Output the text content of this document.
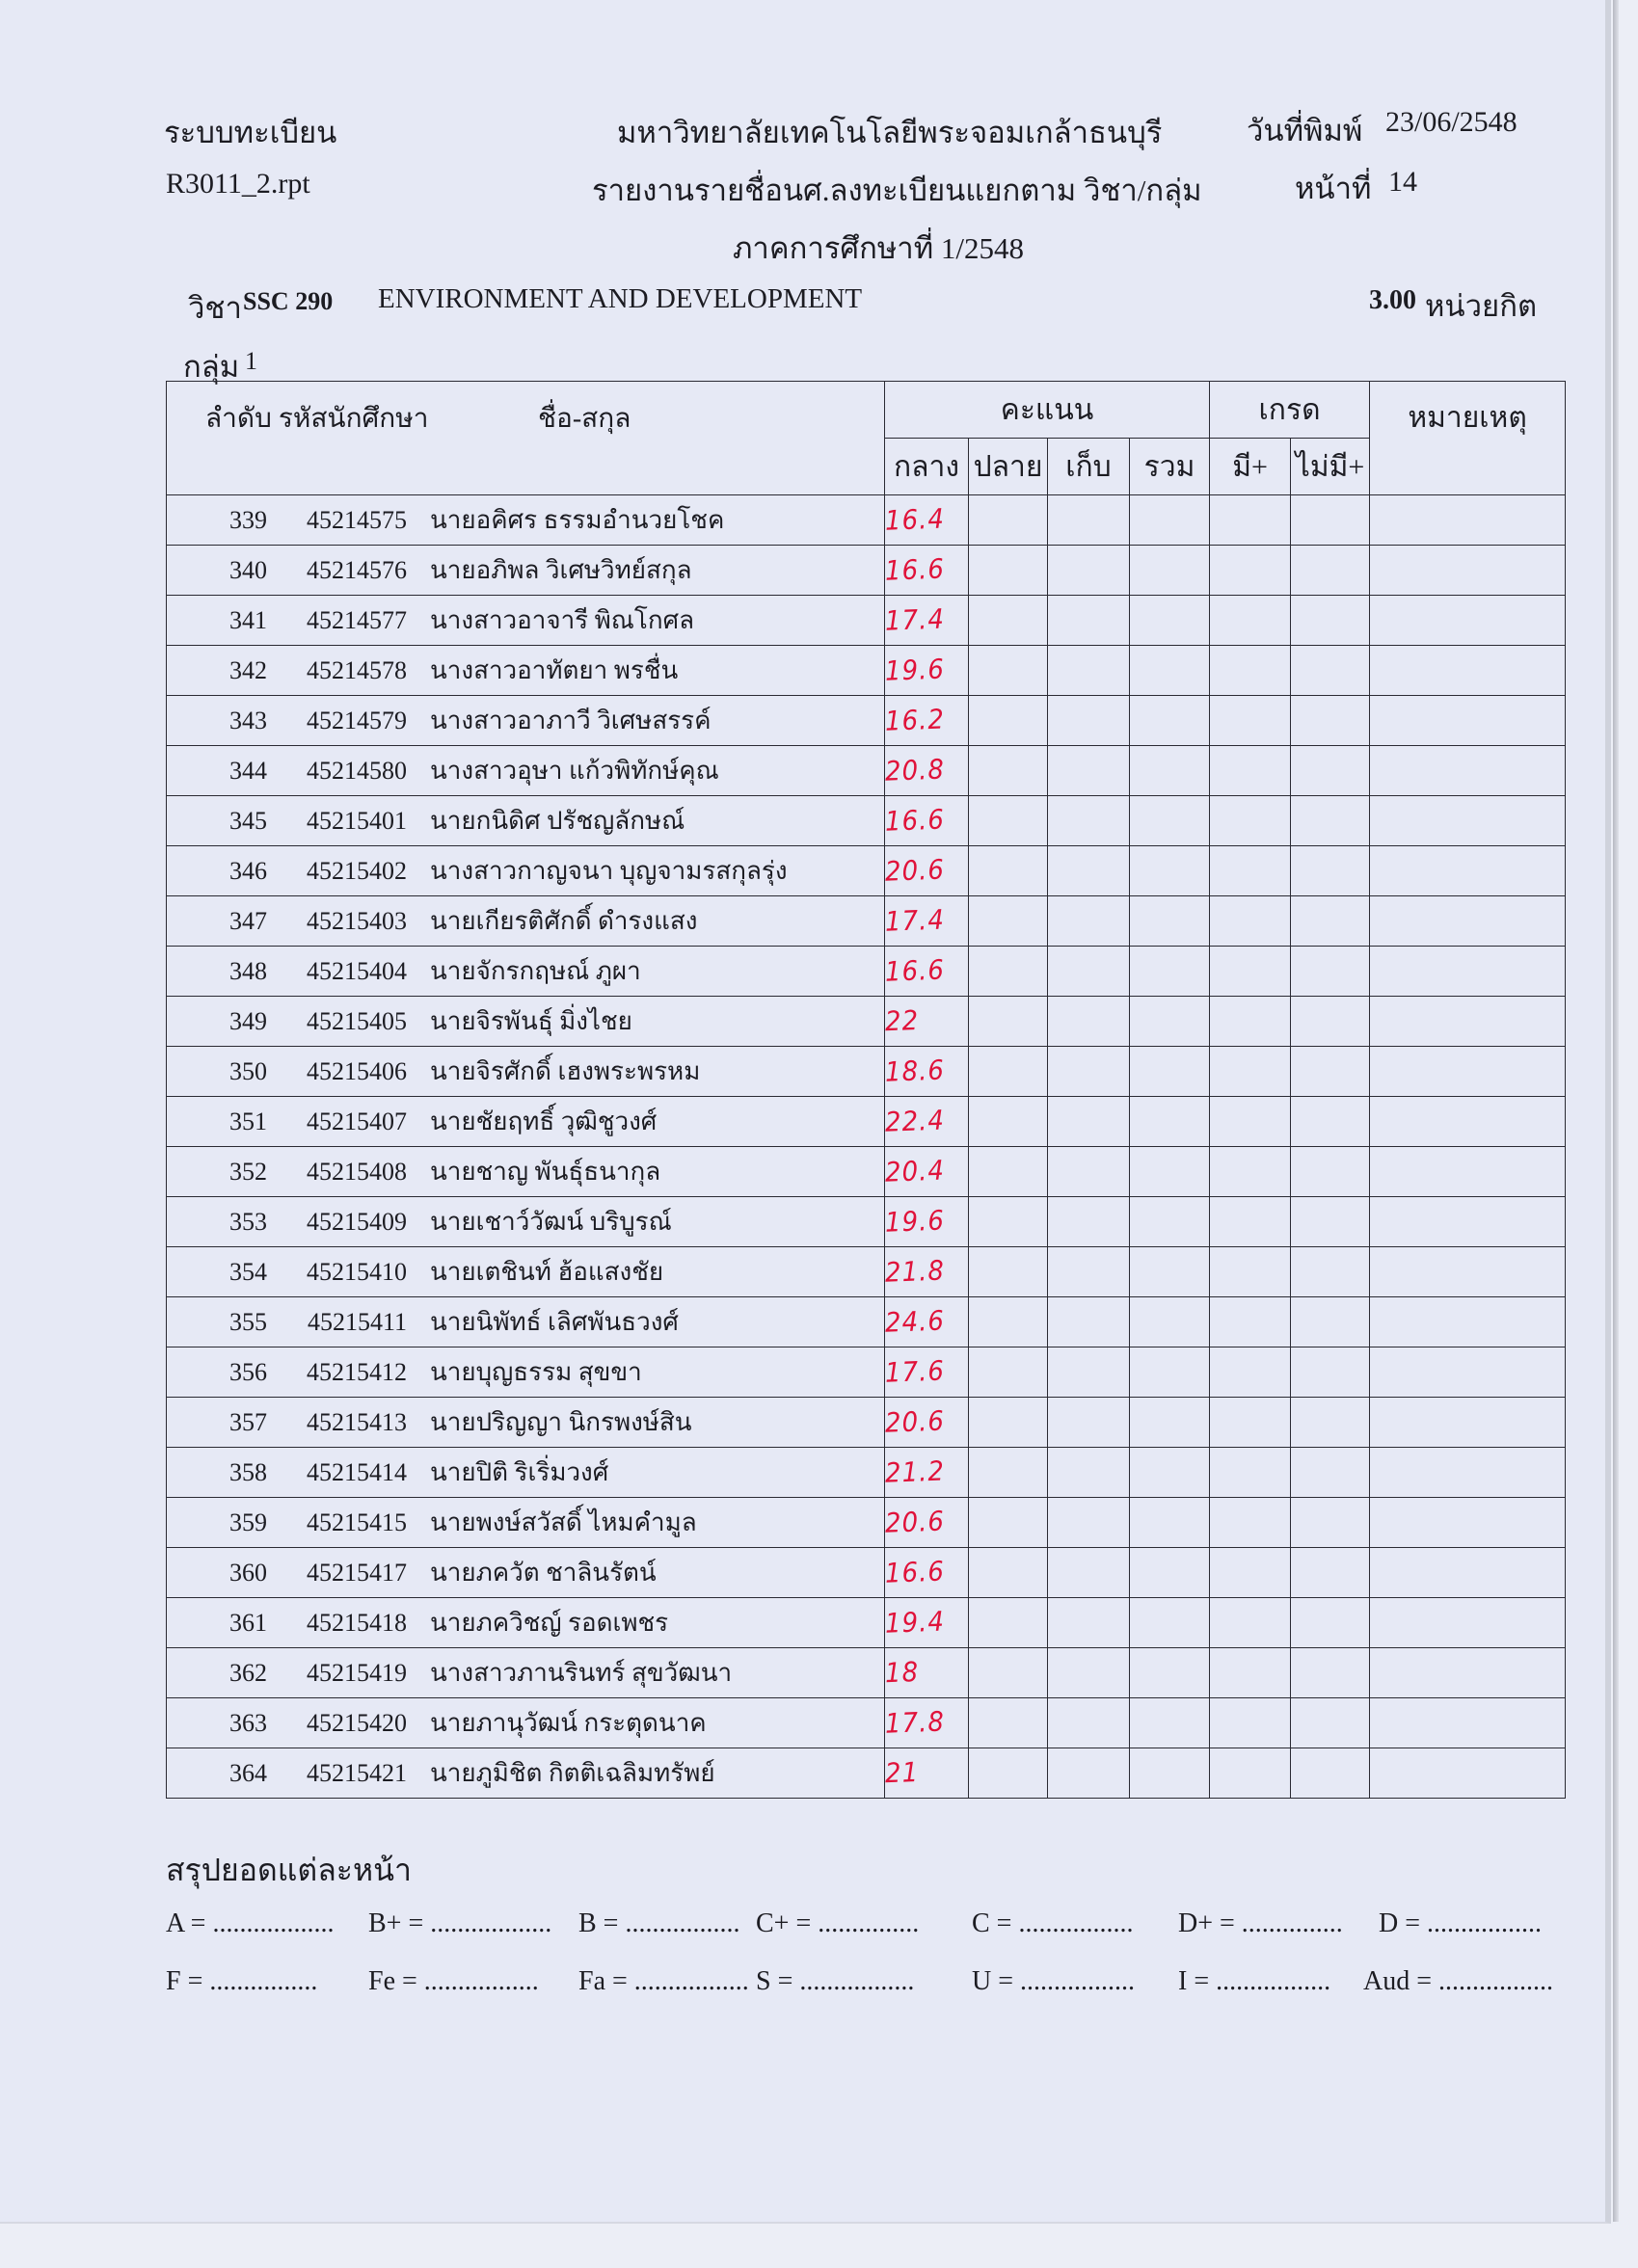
ระบบทะเบียน	มหาวิทยาลัยเทคโนโลยีพระจอมเกล้าธนบุรี	วันที่พิมพ์ 23/06/2548
R3011_2.rpt	รายงานรายชื่อนศ.ลงทะเบียนแยกตาม วิชา/กลุ่ม	หน้าที่ 14
ภาคการศึกษาที่ 1/2548
วิชา SSC 290 ENVIRONMENT AND DEVELOPMENT	3.00 หน่วยกิต
กลุ่ม 1
ลำดับ รหัสนักศึกษา ชื่อ-สกุล	คะแนน				เกรด		หมายเหตุ
	กลาง	ปลาย	เก็บ	รวม	มี+	ไม่มี+	

339 45214575 นายอคิศร ธรรมอำนวยโชค	16.4						

340 45214576 นายอภิพล วิเศษวิทย์สกุล	16.6						

341 45214577 นางสาวอาจารี พิณโกศล	17.4						

342 45214578 นางสาวอาทัตยา พรชื่น	19.6						

343 45214579 นางสาวอาภาวี วิเศษสรรค์	16.2						

344 45214580 นางสาวอุษา แก้วพิทักษ์คุณ	20.8						

345 45215401 นายกนิดิศ ปรัชญลักษณ์	16.6						

346 45215402 นางสาวกาญจนา บุญจามรสกุลรุ่ง	20.6						

347 45215403 นายเกียรติศักดิ์ ดำรงแสง	17.4						

348 45215404 นายจักรกฤษณ์ ภูผา	16.6						

349 45215405 นายจิรพันธุ์ มิ่งไชย	22						

350 45215406 นายจิรศักดิ์ เฮงพระพรหม	18.6						

351 45215407 นายชัยฤทธิ์ วุฒิชูวงศ์	22.4						

352 45215408 นายชาญ พันธุ์ธนากุล	20.4						

353 45215409 นายเชาว์วัฒน์ บริบูรณ์	19.6						

354 45215410 นายเตชินท์ ฮ้อแสงชัย	21.8						

355 45215411 นายนิพัทธ์ เลิศพันธวงศ์	24.6						

356 45215412 นายบุญธรรม สุขขา	17.6						

357 45215413 นายปริญญา นิกรพงษ์สิน	20.6						

358 45215414 นายปิติ ริเริ่มวงศ์	21.2						

359 45215415 นายพงษ์สวัสดิ์ ไหมคำมูล	20.6						

360 45215417 นายภควัต ชาลินรัตน์	16.6						

361 45215418 นายภควิชญ์ รอดเพชร	19.4						

362 45215419 นางสาวภานรินทร์ สุขวัฒนา	18						

363 45215420 นายภานุวัฒน์ กระตุดนาค	17.8						

364 45215421 นายภูมิชิต กิตติเฉลิมทรัพย์	21						
สรุปยอดแต่ละหน้า
A = .................. B+ = .................. B = ................. C+ = ............... C = ................. D+ = ............... D = .................
F = ................ Fe = ................. Fa = ................. S = ................. U = ................. I = ................. Aud = .................
